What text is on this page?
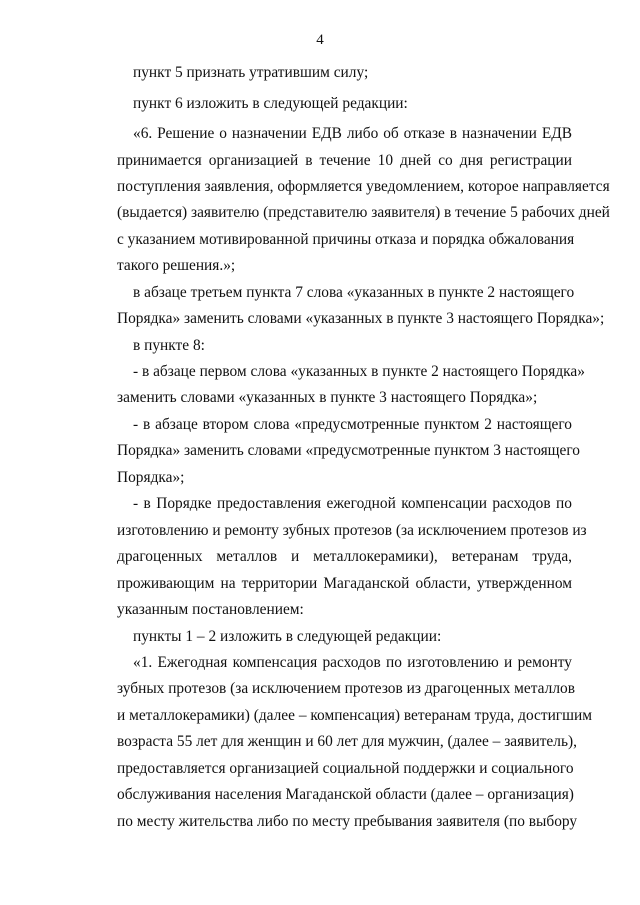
4
пункт 5 признать утратившим силу;
пункт 6 изложить в следующей редакции:
«6. Решение о назначении ЕДВ либо об отказе в назначении ЕДВ
принимается организацией в течение 10 дней со дня регистрации
поступления заявления, оформляется уведомлением, которое направляется
(выдается) заявителю (представителю заявителя) в течение 5 рабочих дней
с указанием мотивированной причины отказа и порядка обжалования
такого решения.»;
в абзаце третьем пункта 7 слова «указанных в пункте 2 настоящего
Порядка» заменить словами «указанных в пункте 3 настоящего Порядка»;
в пункте 8:
- в абзаце первом слова «указанных в пункте 2 настоящего Порядка»
заменить словами «указанных в пункте 3 настоящего Порядка»;
- в абзаце втором слова «предусмотренные пунктом 2 настоящего
Порядка» заменить словами «предусмотренные пунктом 3 настоящего
Порядка»;
- в Порядке предоставления ежегодной компенсации расходов по
изготовлению и ремонту зубных протезов (за исключением протезов из
драгоценных металлов и металлокерамики), ветеранам труда,
проживающим на территории Магаданской области, утвержденном
указанным постановлением:
пункты 1 – 2 изложить в следующей редакции:
«1. Ежегодная компенсация расходов по изготовлению и ремонту
зубных протезов (за исключением протезов из драгоценных металлов
и металлокерамики) (далее – компенсация) ветеранам труда, достигшим
возраста 55 лет для женщин и 60 лет для мужчин, (далее – заявитель),
предоставляется организацией социальной поддержки и социального
обслуживания населения Магаданской области (далее – организация)
по месту жительства либо по месту пребывания заявителя (по выбору
